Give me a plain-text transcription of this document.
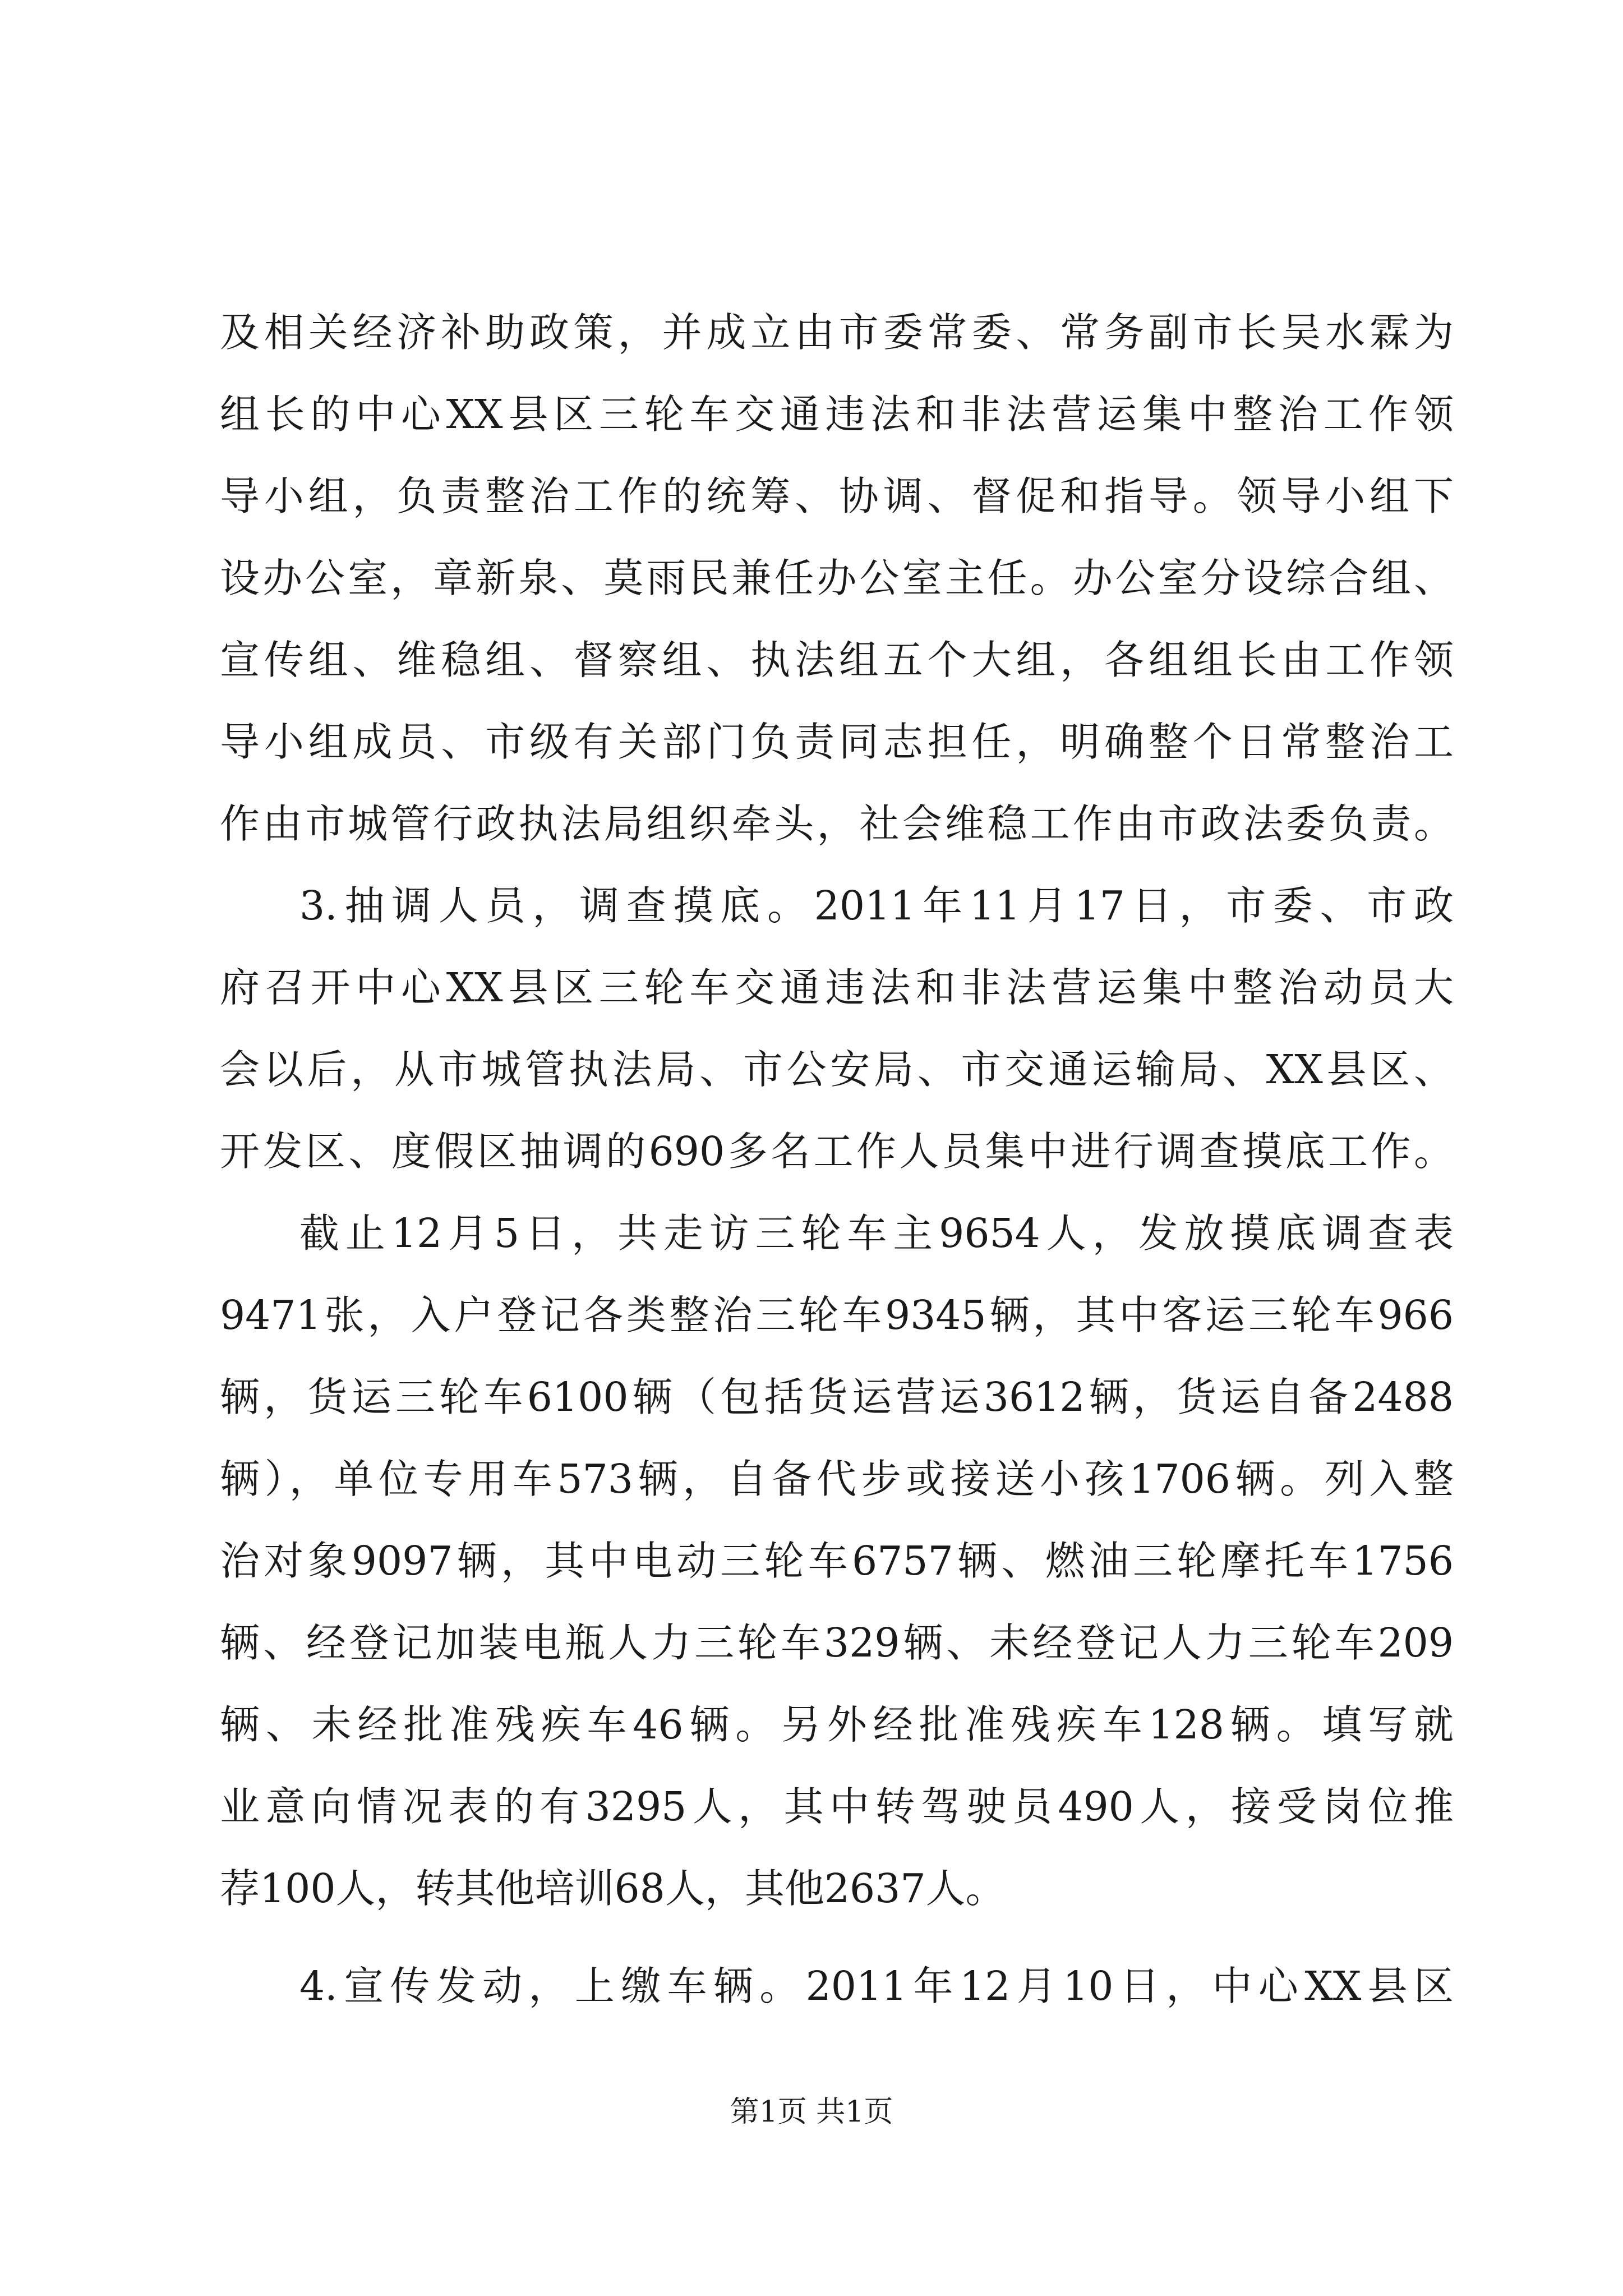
及相关经济补助政策，并成立由市委常委、常务副市长吴水霖为
组长的中心XX县区三轮车交通违法和非法营运集中整治工作领
导小组，负责整治工作的统筹、协调、督促和指导。领导小组下
设办公室，章新泉、莫雨民兼任办公室主任。办公室分设综合组、
宣传组、维稳组、督察组、执法组五个大组，各组组长由工作领
导小组成员、市级有关部门负责同志担任，明确整个日常整治工
作由市城管行政执法局组织牵头，社会维稳工作由市政法委负责。
3.抽调人员，调查摸底。2011年11月17日，市委、市政
府召开中心XX县区三轮车交通违法和非法营运集中整治动员大
会以后，从市城管执法局、市公安局、市交通运输局、XX县区、
开发区、度假区抽调的690多名工作人员集中进行调查摸底工作。
截止12月5日，共走访三轮车主9654人，发放摸底调查表
9471张，入户登记各类整治三轮车9345辆，其中客运三轮车966
辆，货运三轮车6100辆（包括货运营运3612辆，货运自备2488
辆），单位专用车573辆，自备代步或接送小孩1706辆。列入整
治对象9097辆，其中电动三轮车6757辆、燃油三轮摩托车1756
辆、经登记加装电瓶人力三轮车329辆、未经登记人力三轮车209
辆、未经批准残疾车46辆。另外经批准残疾车128辆。填写就
业意向情况表的有3295人，其中转驾驶员490人，接受岗位推
荐100人，转其他培训68人，其他2637人。
4.宣传发动，上缴车辆。2011年12月10日，中心XX县区
第1页 共1页
